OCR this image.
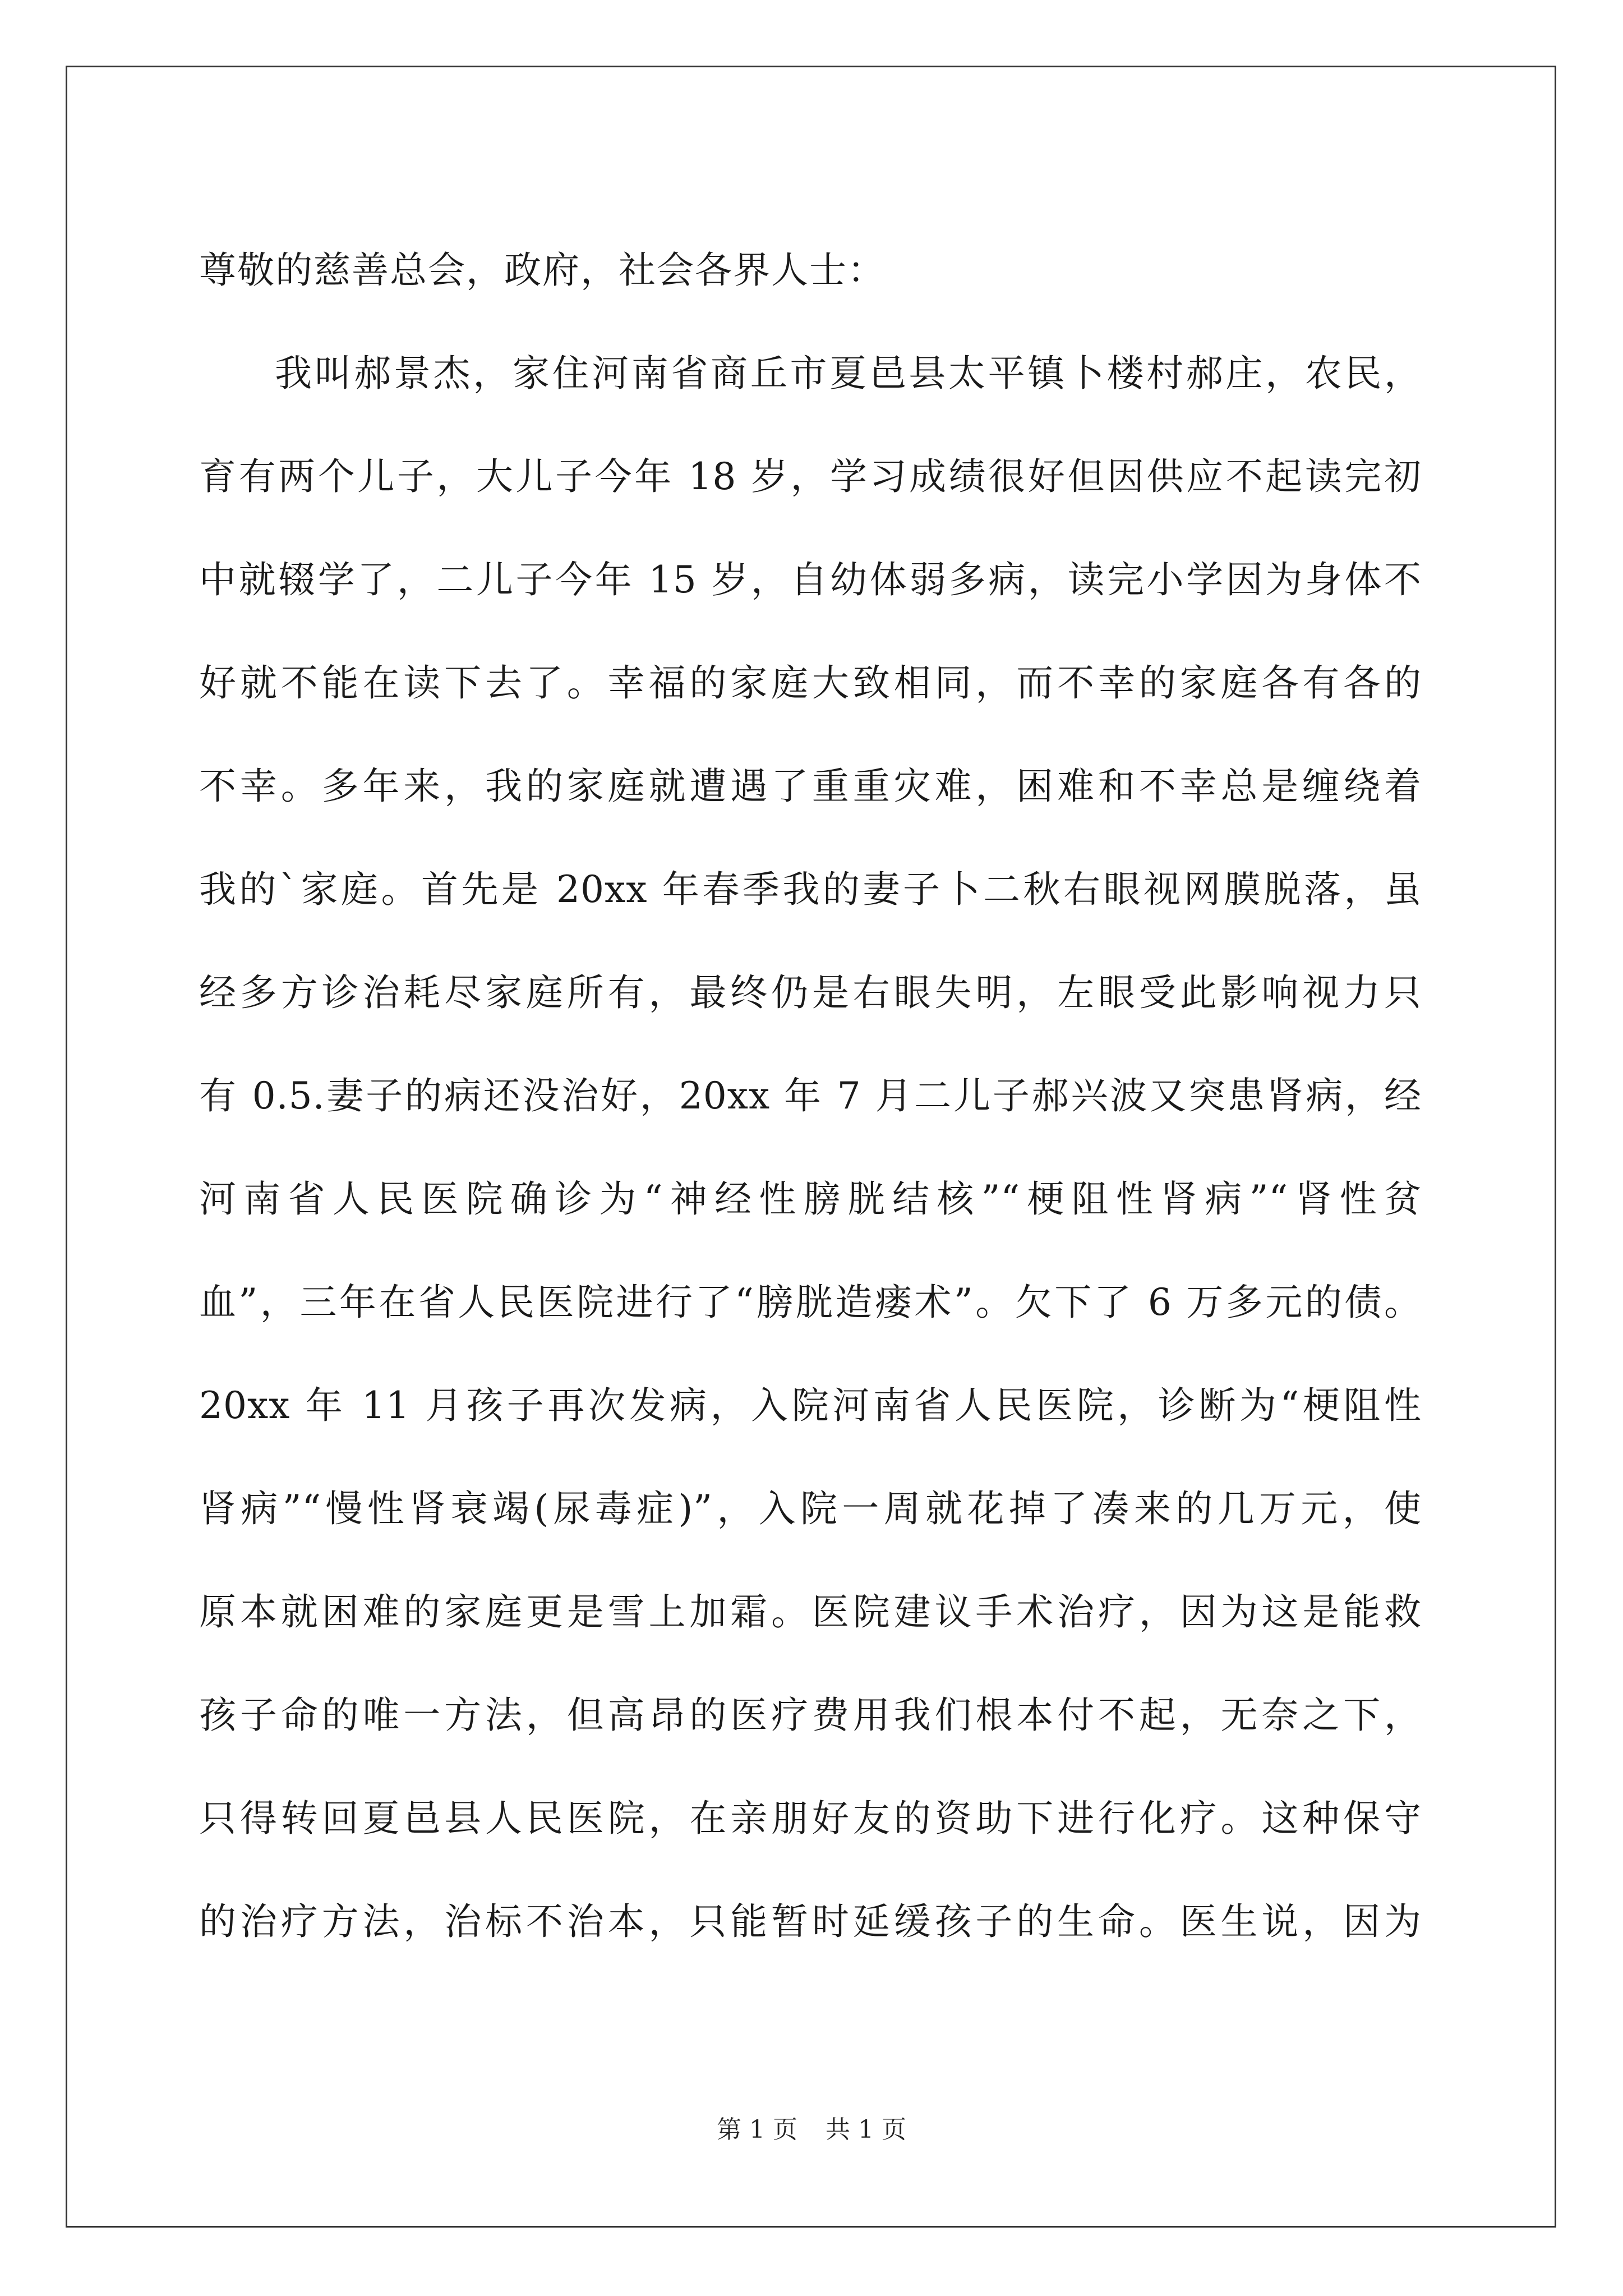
尊敬的慈善总会，政府，社会各界人士：

我叫郝景杰，家住河南省商丘市夏邑县太平镇卜楼村郝庄，农民，
育有两个儿子，大儿子今年 18 岁，学习成绩很好但因供应不起读完初
中就辍学了，二儿子今年 15 岁，自幼体弱多病，读完小学因为身体不
好就不能在读下去了。幸福的家庭大致相同，而不幸的家庭各有各的
不幸。多年来，我的家庭就遭遇了重重灾难，困难和不幸总是缠绕着
我的`家庭。首先是 20xx 年春季我的妻子卜二秋右眼视网膜脱落，虽
经多方诊治耗尽家庭所有，最终仍是右眼失明，左眼受此影响视力只
有 0.5.妻子的病还没治好，20xx 年 7 月二儿子郝兴波又突患肾病，经
河南省人民医院确诊为“神经性膀胱结核”“梗阻性肾病”“肾性贫
血”，三年在省人民医院进行了“膀胱造瘘术”。欠下了 6 万多元的债。
20xx 年 11 月孩子再次发病，入院河南省人民医院，诊断为“梗阻性
肾病”“慢性肾衰竭(尿毒症)”，入院一周就花掉了凑来的几万元，使
原本就困难的家庭更是雪上加霜。医院建议手术治疗，因为这是能救
孩子命的唯一方法，但高昂的医疗费用我们根本付不起，无奈之下，
只得转回夏邑县人民医院，在亲朋好友的资助下进行化疗。这种保守
的治疗方法，治标不治本，只能暂时延缓孩子的生命。医生说，因为
第 1 页 共 1 页
